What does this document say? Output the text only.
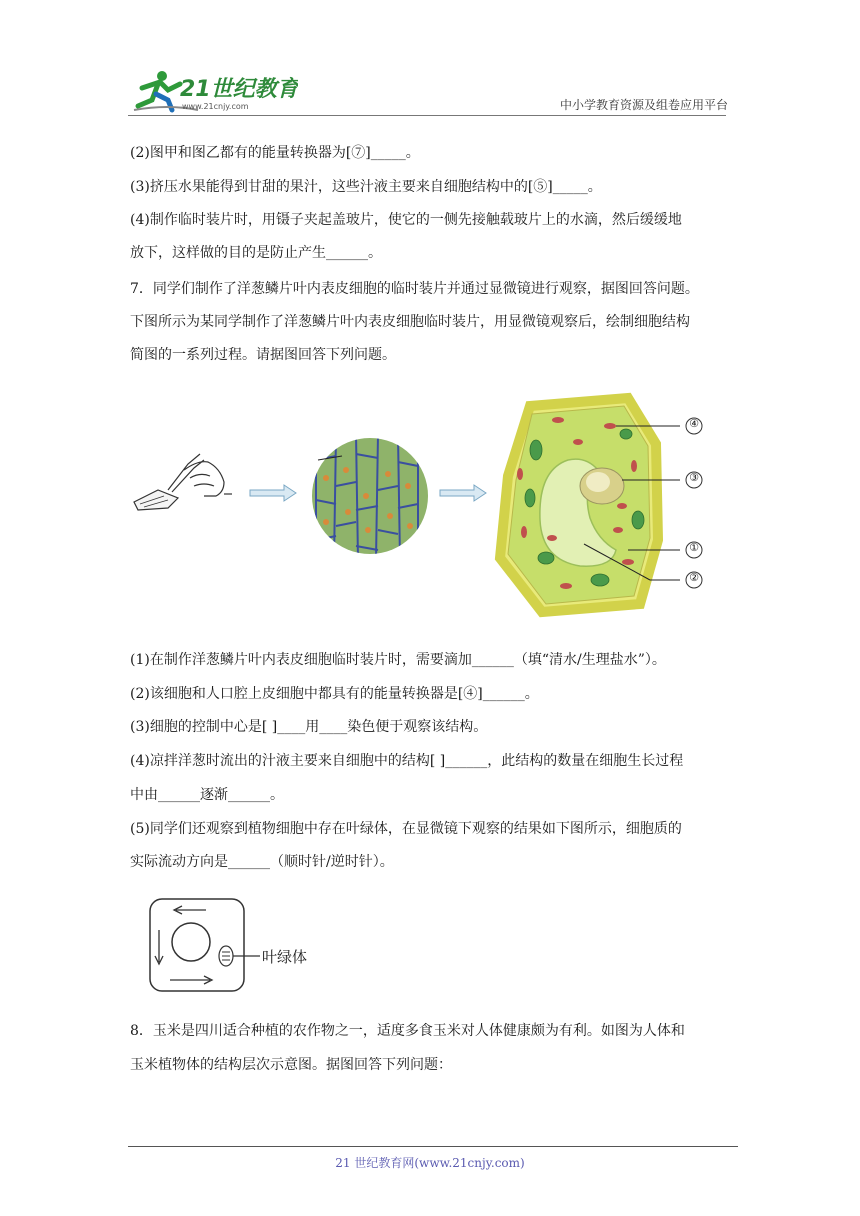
21世纪教育
www.21cnjy.com	中小学教育资源及组卷应用平台
(2)图甲和图乙都有的能量转换器为[⑦]_____。
(3)挤压水果能得到甘甜的果汁，这些汁液主要来自细胞结构中的[⑤]_____。
(4)制作临时装片时，用镊子夹起盖玻片，使它的一侧先接触载玻片上的水滴，然后缓缓地
放下，这样做的目的是防止产生______。
7．同学们制作了洋葱鳞片叶内表皮细胞的临时装片并通过显微镜进行观察，据图回答问题。
下图所示为某同学制作了洋葱鳞片叶内表皮细胞临时装片，用显微镜观察后，绘制细胞结构
简图的一系列过程。请据图回答下列问题。
④
③
①
②
(1)在制作洋葱鳞片叶内表皮细胞临时装片时，需要滴加______（填“清水/生理盐水”）。
(2)该细胞和人口腔上皮细胞中都具有的能量转换器是[④]______。
(3)细胞的控制中心是[ ]____用____染色便于观察该结构。
(4)凉拌洋葱时流出的汁液主要来自细胞中的结构[ ]______，此结构的数量在细胞生长过程
中由______逐渐______。
(5)同学们还观察到植物细胞中存在叶绿体，在显微镜下观察的结果如下图所示，细胞质的
实际流动方向是______（顺时针/逆时针）。
叶绿体
8．玉米是四川适合种植的农作物之一，适度多食玉米对人体健康颇为有利。如图为人体和
玉米植物体的结构层次示意图。据图回答下列问题：
21 世纪教育网(www.21cnjy.com)
